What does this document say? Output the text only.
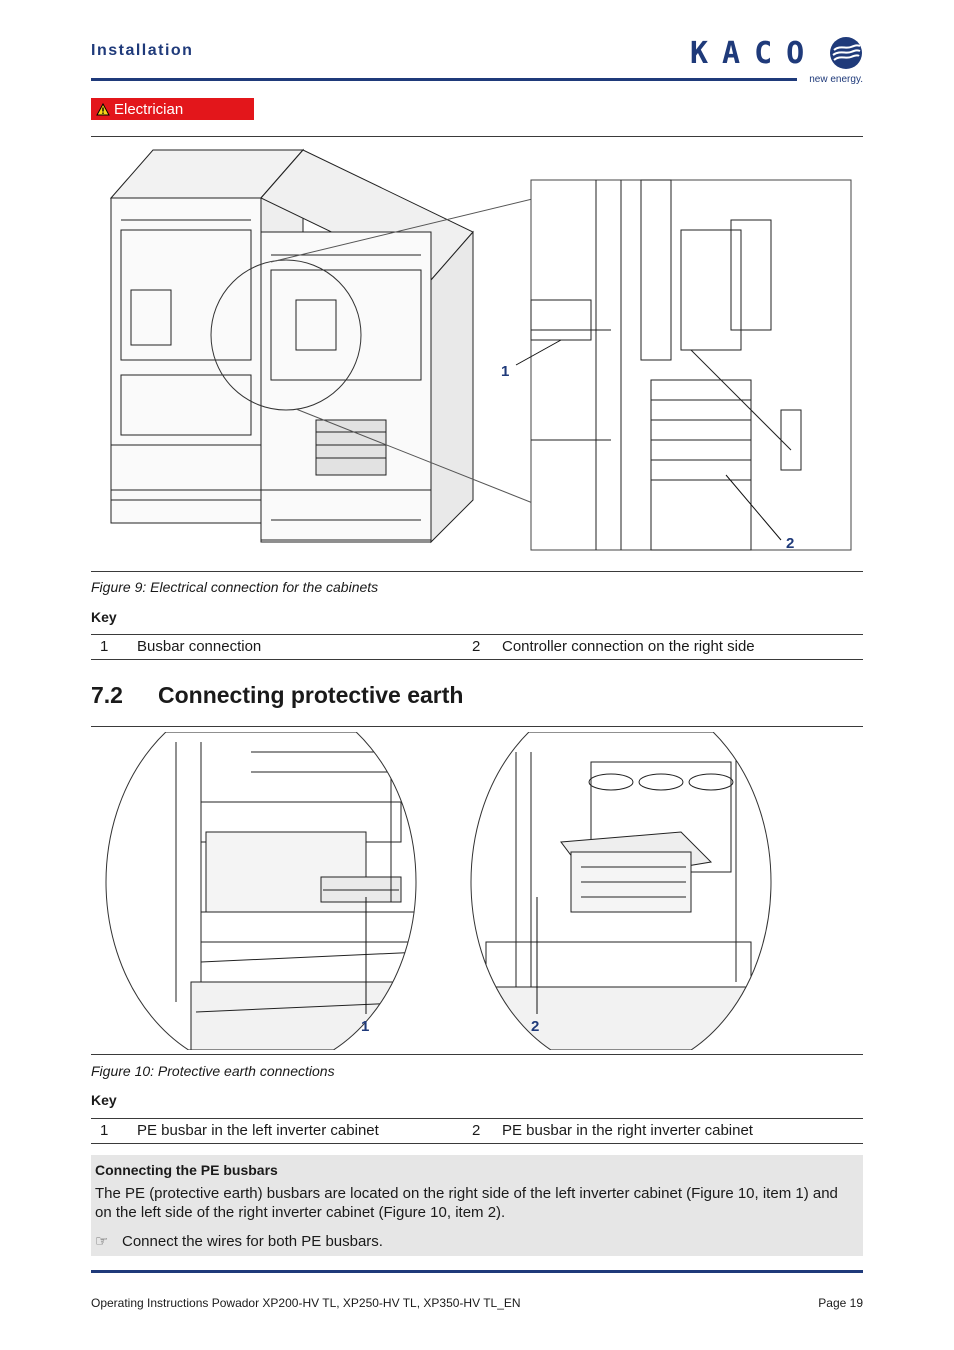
Installation	KACO
new energy.
Electrician
1
2
Figure 9: Electrical connection for the cabinets
Key
1 Busbar connection	2 Controller connection on the right side
7.2 Connecting protective earth
1	2
Figure 10: Protective earth connections
Key
1 PE busbar in the left inverter cabinet	2 PE busbar in the right inverter cabinet
Connecting the PE busbars
The PE (protective earth) busbars are located on the right side of the left inverter cabinet (Figure 10, item 1) and on the left side of the right inverter cabinet (Figure 10, item 2).
☞ Connect the wires for both PE busbars.
Operating Instructions Powador XP200-HV TL, XP250-HV TL, XP350-HV TL_EN	Page 19
